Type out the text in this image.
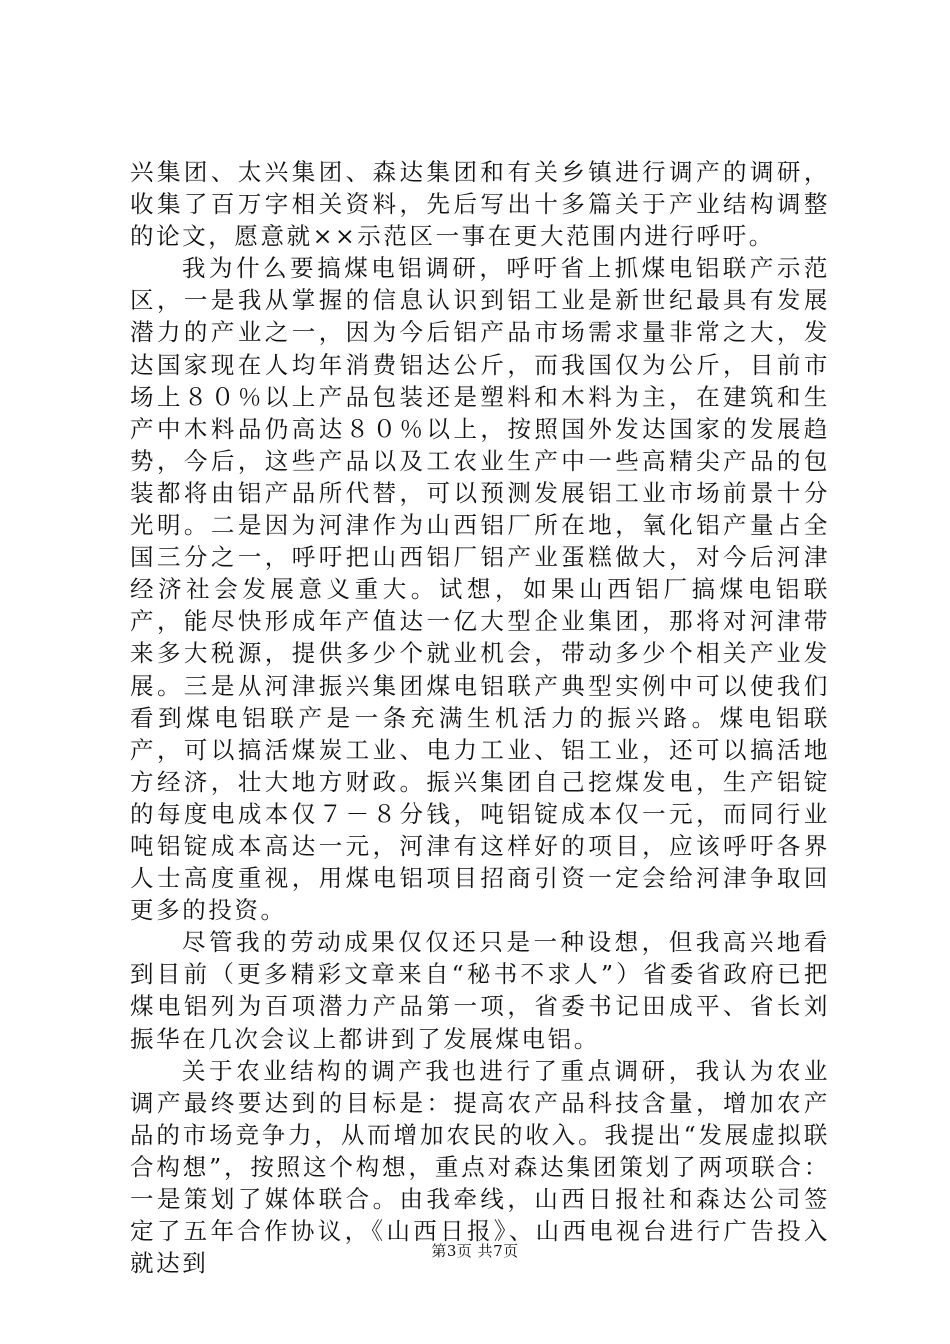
兴集团、太兴集团、森达集团和有关乡镇进行调产的调研，收集了百万字相关资料，先后写出十多篇关于产业结构调整的论文，愿意就××示范区一事在更大范围内进行呼吁。

我为什么要搞煤电铝调研，呼吁省上抓煤电铝联产示范区，一是我从掌握的信息认识到铝工业是新世纪最具有发展潜力的产业之一，因为今后铝产品市场需求量非常之大，发达国家现在人均年消费铝达公斤，而我国仅为公斤，目前市场上８０％以上产品包装还是塑料和木料为主，在建筑和生产中木料品仍高达８０％以上，按照国外发达国家的发展趋势，今后，这些产品以及工农业生产中一些高精尖产品的包装都将由铝产品所代替，可以预测发展铝工业市场前景十分光明。二是因为河津作为山西铝厂所在地，氧化铝产量占全国三分之一，呼吁把山西铝厂铝产业蛋糕做大，对今后河津经济社会发展意义重大。试想，如果山西铝厂搞煤电铝联产，能尽快形成年产值达一亿大型企业集团，那将对河津带来多大税源，提供多少个就业机会，带动多少个相关产业发展。三是从河津振兴集团煤电铝联产典型实例中可以使我们看到煤电铝联产是一条充满生机活力的振兴路。煤电铝联产，可以搞活煤炭工业、电力工业、铝工业，还可以搞活地方经济，壮大地方财政。振兴集团自己挖煤发电，生产铝锭的每度电成本仅７－８分钱，吨铝锭成本仅一元，而同行业吨铝锭成本高达一元，河津有这样好的项目，应该呼吁各界人士高度重视，用煤电铝项目招商引资一定会给河津争取回更多的投资。

尽管我的劳动成果仅仅还只是一种设想，但我高兴地看到目前（更多精彩文章来自“秘书不求人”）省委省政府已把煤电铝列为百项潜力产品第一项，省委书记田成平、省长刘振华在几次会议上都讲到了发展煤电铝。

关于农业结构的调产我也进行了重点调研，我认为农业调产最终要达到的目标是：提高农产品科技含量，增加农产品的市场竞争力，从而增加农民的收入。我提出“发展虚拟联合构想”，按照这个构想，重点对森达集团策划了两项联合：一是策划了媒体联合。由我牵线，山西日报社和森达公司签定了五年合作协议，《山西日报》、山西电视台进行广告投入就达到	第3页 共7页
